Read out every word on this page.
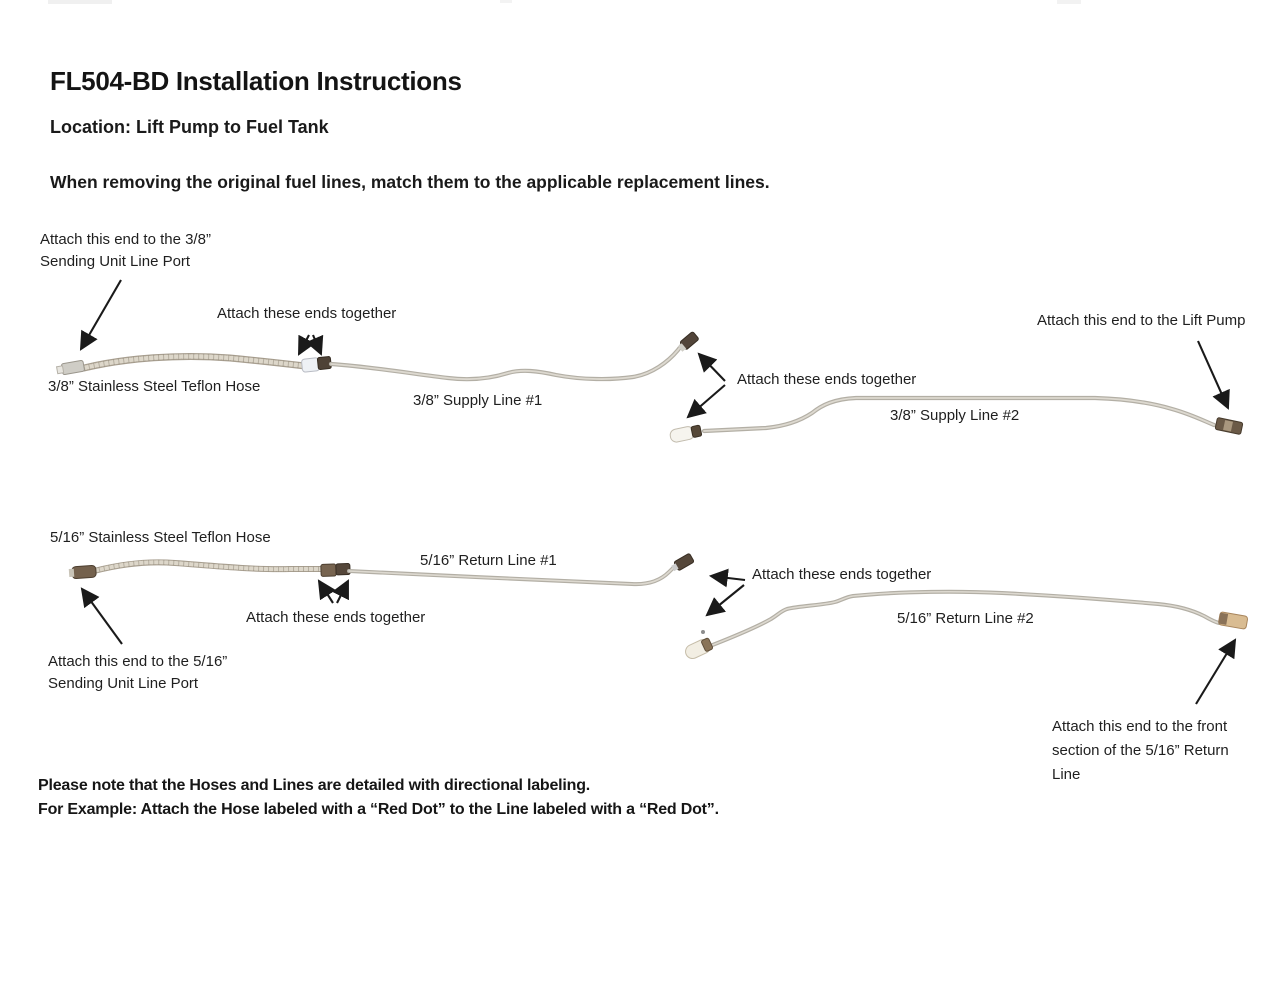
FL504-BD Installation Instructions
Location: Lift Pump to Fuel Tank
When removing the original fuel lines, match them to the applicable replacement lines.
Attach this end to the 3/8”
Sending Unit Line Port
Attach these ends together
3/8” Stainless Steel Teflon Hose
3/8” Supply Line #1
Attach these ends together
Attach this end to the Lift Pump
3/8” Supply Line #2
5/16” Stainless Steel Teflon Hose
5/16” Return Line #1
Attach these ends together
Attach these ends together
5/16” Return Line #2
Attach this end to the 5/16”
Sending Unit Line Port
Attach this end to the front
section of the 5/16” Return
Line
Please note that the Hoses and Lines are detailed with directional labeling.
For Example: Attach the Hose labeled with a “Red Dot” to the Line labeled with a “Red Dot”.
